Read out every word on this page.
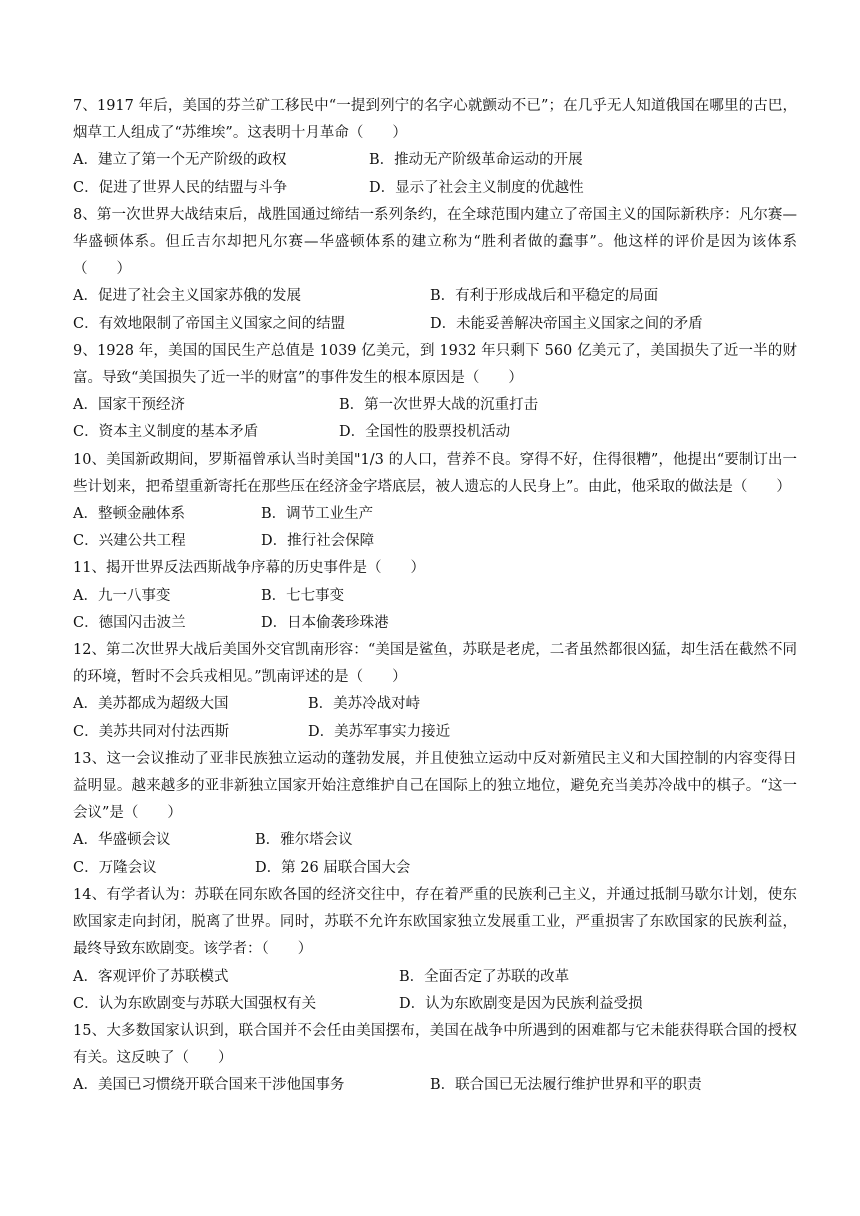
7、1917 年后，美国的芬兰矿工移民中“一提到列宁的名字心就颤动不已”；在几乎无人知道俄国在哪里的古巴，烟草工人组成了“苏维埃”。这表明十月革命（　　）

A．建立了第一个无产阶级的政权	B．推动无产阶级革命运动的开展
C．促进了世界人民的结盟与斗争	D．显示了社会主义制度的优越性

8、第一次世界大战结束后，战胜国通过缔结一系列条约，在全球范围内建立了帝国主义的国际新秩序：凡尔赛—华盛顿体系。但丘吉尔却把凡尔赛—华盛顿体系的建立称为“胜利者做的蠢事”。他这样的评价是因为该体系（　　）

A．促进了社会主义国家苏俄的发展	B．有利于形成战后和平稳定的局面
C．有效地限制了帝国主义国家之间的结盟	D．未能妥善解决帝国主义国家之间的矛盾

9、1928 年，美国的国民生产总值是 1039 亿美元，到 1932 年只剩下 560 亿美元了，美国损失了近一半的财富。导致“美国损失了近一半的财富”的事件发生的根本原因是（　　）

A．国家干预经济	B．第一次世界大战的沉重打击
C．资本主义制度的基本矛盾	D．全国性的股票投机活动

10、美国新政期间，罗斯福曾承认当时美国"1/3 的人口，营养不良。穿得不好，住得很糟”，他提出“要制订出一些计划来，把希望重新寄托在那些压在经济金字塔底层，被人遗忘的人民身上”。由此，他采取的做法是（　　）

A．整顿金融体系	B．调节工业生产
C．兴建公共工程	D．推行社会保障

11、揭开世界反法西斯战争序幕的历史事件是（　　）

A．九一八事变	B．七七事变
C．德国闪击波兰	D．日本偷袭珍珠港

12、第二次世界大战后美国外交官凯南形容：“美国是鲨鱼，苏联是老虎，二者虽然都很凶猛，却生活在截然不同的环境，暂时不会兵戎相见。”凯南评述的是（　　）

A．美苏都成为超级大国	B．美苏冷战对峙
C．美苏共同对付法西斯	D．美苏军事实力接近

13、这一会议推动了亚非民族独立运动的蓬勃发展，并且使独立运动中反对新殖民主义和大国控制的内容变得日益明显。越来越多的亚非新独立国家开始注意维护自己在国际上的独立地位，避免充当美苏冷战中的棋子。“这一会议”是（　　）

A．华盛顿会议	B．雅尔塔会议
C．万隆会议	D．第 26 届联合国大会

14、有学者认为：苏联在同东欧各国的经济交往中，存在着严重的民族利己主义，并通过抵制马歇尔计划，使东欧国家走向封闭，脱离了世界。同时，苏联不允许东欧国家独立发展重工业，严重损害了东欧国家的民族利益，最终导致东欧剧变。该学者：（　　）

A．客观评价了苏联模式	B．全面否定了苏联的改革
C．认为东欧剧变与苏联大国强权有关	D．认为东欧剧变是因为民族利益受损

15、大多数国家认识到，联合国并不会任由美国摆布，美国在战争中所遇到的困难都与它未能获得联合国的授权有关。这反映了（　　）

A．美国已习惯绕开联合国来干涉他国事务	B．联合国已无法履行维护世界和平的职责
